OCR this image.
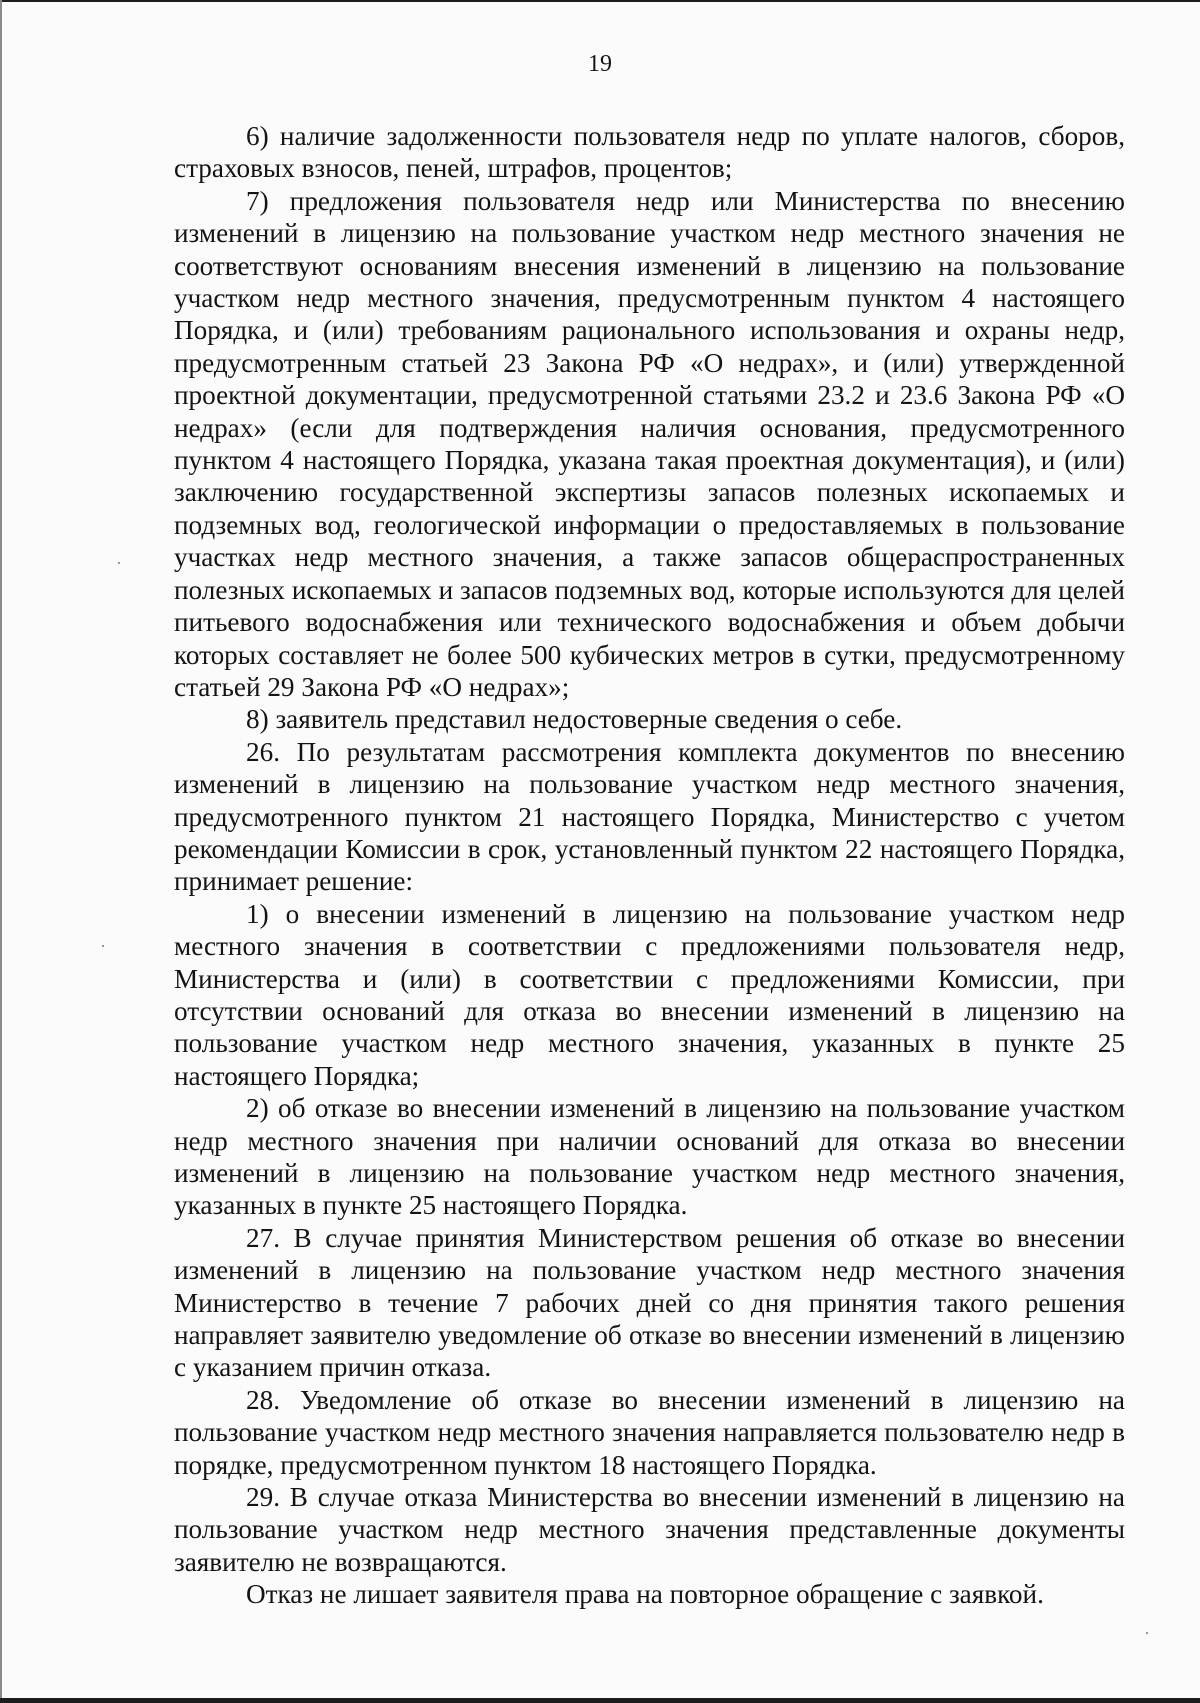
19

6) наличие задолженности пользователя недр по уплате налогов, сборов, страховых взносов, пеней, штрафов, процентов;

7) предложения пользователя недр или Министерства по внесению изменений в лицензию на пользование участком недр местного значения не соответствуют основаниям внесения изменений в лицензию на пользование участком недр местного значения, предусмотренным пунктом 4 настоящего Порядка, и (или) требованиям рационального использования и охраны недр, предусмотренным статьей 23 Закона РФ «О недрах», и (или) утвержденной проектной документации, предусмотренной статьями 23.2 и 23.6 Закона РФ «О недрах» (если для подтверждения наличия основания, предусмотренного пунктом 4 настоящего Порядка, указана такая проектная документация), и (или) заключению государственной экспертизы запасов полезных ископаемых и подземных вод, геологической информации о предоставляемых в пользование участках недр местного значения, а также запасов общераспространенных полезных ископаемых и запасов подземных вод, которые используются для целей питьевого водоснабжения или технического водоснабжения и объем добычи которых составляет не более 500 кубических метров в сутки, предусмотренному статьей 29 Закона РФ «О недрах»;

8) заявитель представил недостоверные сведения о себе.

26. По результатам рассмотрения комплекта документов по внесению изменений в лицензию на пользование участком недр местного значения, предусмотренного пунктом 21 настоящего Порядка, Министерство с учетом рекомендации Комиссии в срок, установленный пунктом 22 настоящего Порядка, принимает решение:

1) о внесении изменений в лицензию на пользование участком недр местного значения в соответствии с предложениями пользователя недр, Министерства и (или) в соответствии с предложениями Комиссии, при отсутствии оснований для отказа во внесении изменений в лицензию на пользование участком недр местного значения, указанных в пункте 25 настоящего Порядка;

2) об отказе во внесении изменений в лицензию на пользование участком недр местного значения при наличии оснований для отказа во внесении изменений в лицензию на пользование участком недр местного значения, указанных в пункте 25 настоящего Порядка.

27. В случае принятия Министерством решения об отказе во внесении изменений в лицензию на пользование участком недр местного значения Министерство в течение 7 рабочих дней со дня принятия такого решения направляет заявителю уведомление об отказе во внесении изменений в лицензию с указанием причин отказа.

28. Уведомление об отказе во внесении изменений в лицензию на пользование участком недр местного значения направляется пользователю недр в порядке, предусмотренном пунктом 18 настоящего Порядка.

29. В случае отказа Министерства во внесении изменений в лицензию на пользование участком недр местного значения представленные документы заявителю не возвращаются.

Отказ не лишает заявителя права на повторное обращение с заявкой.
